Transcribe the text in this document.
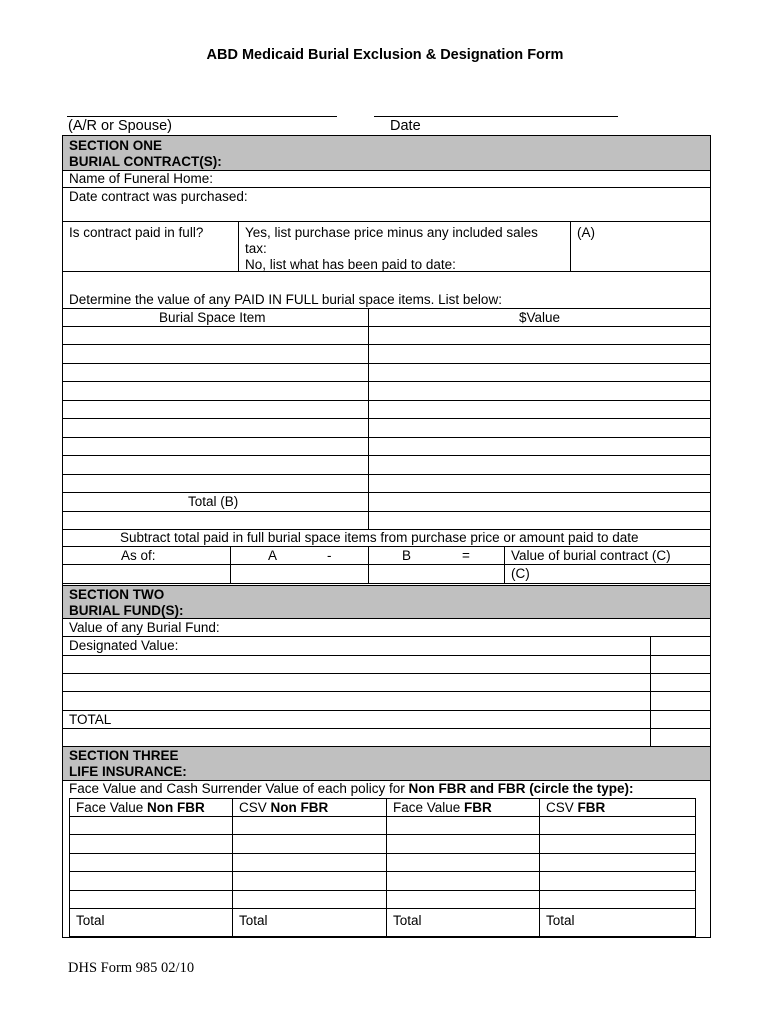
ABD Medicaid Burial Exclusion & Designation Form
(A/R or Spouse)	Date
SECTION ONE
BURIAL CONTRACT(S):
Name of Funeral Home:
Date contract was purchased:
Is contract paid in full?	Yes, list purchase price minus any included sales
tax:
No, list what has been paid to date:
(A)
Determine the value of any PAID IN FULL burial space items. List below:
Burial Space Item	$Value
Total (B)
Subtract total paid in full burial space items from purchase price or amount paid to date
As of:	A	-	B	=	Value of burial contract (C)
(C)
SECTION TWO
BURIAL FUND(S):
Value of any Burial Fund:
Designated Value:
TOTAL
SECTION THREE
LIFE INSURANCE:
Face Value and Cash Surrender Value of each policy for Non FBR and FBR (circle the type):
Face Value Non FBR	CSV Non FBR	Face Value FBR	CSV FBR
Total	Total	Total	Total
DHS Form 985 02/10
